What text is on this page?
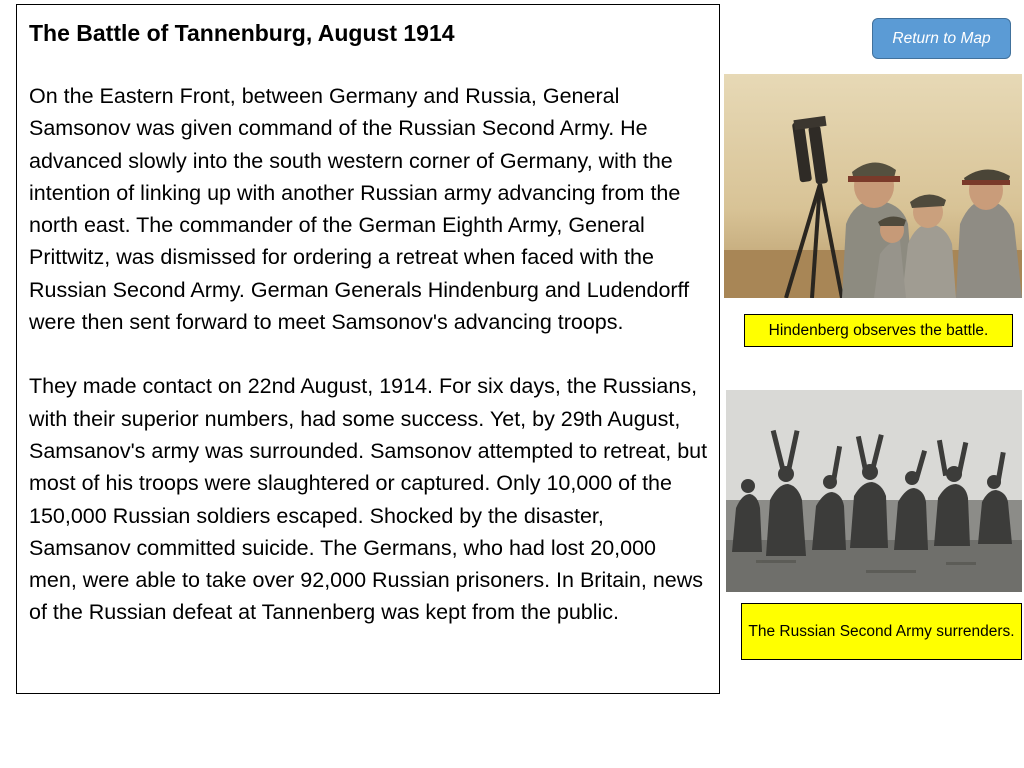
The Battle of Tannenburg, August 1914

On the Eastern Front, between Germany and Russia, General Samsonov was given command of the Russian Second Army. He advanced slowly into the south western corner of Germany, with the intention of linking up with another Russian army advancing from the north east. The commander of the German Eighth Army, General Prittwitz, was dismissed for ordering a retreat when faced with the Russian Second Army. German Generals Hindenburg and Ludendorff were then sent forward to meet Samsonov's advancing troops.

They made contact on 22nd August, 1914. For six days, the Russians, with their superior numbers, had some success. Yet, by 29th August, Samsanov's army was surrounded. Samsonov attempted to retreat, but most of his troops were slaughtered or captured. Only 10,000 of the 150,000 Russian soldiers escaped. Shocked by the disaster, Samsanov committed suicide. The Germans, who had lost 20,000 men, were able to take over 92,000 Russian prisoners. In Britain, news of the Russian defeat at Tannenberg was kept from the public.

Return to Map
Hindenberg observes the battle.
The Russian Second Army surrenders.
